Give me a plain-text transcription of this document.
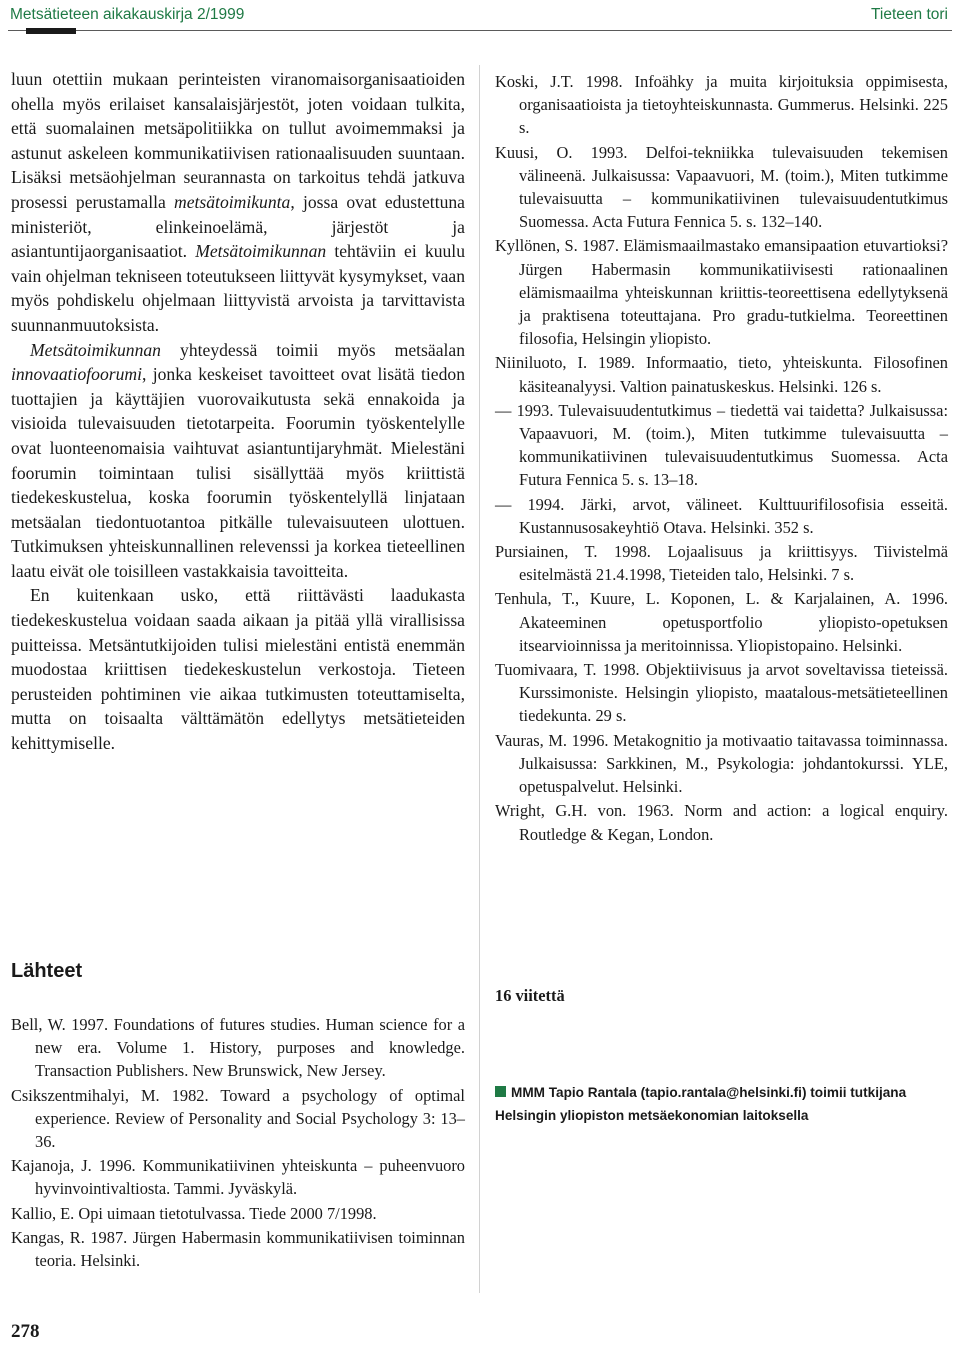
Metsätieteen aikakauskirja 2/1999	Tieteen tori

luun otettiin mukaan perinteisten viranomaisorganisaatioiden ohella myös erilaiset kansalaisjärjestöt, joten voidaan tulkita, että suomalainen metsäpolitiikka on tullut avoimemmaksi ja astunut askeleen kommunikatiivisen rationaalisuuden suuntaan. Lisäksi metsäohjelman seurannasta on tarkoitus tehdä jatkuva prosessi perustamalla metsätoimikunta, jossa ovat edustettuna ministeriöt, elinkeinoelämä, järjestöt ja asiantuntijaorganisaatiot. Metsätoimikunnan tehtäviin ei kuulu vain ohjelman tekniseen toteutukseen liittyvät kysymykset, vaan myös pohdiskelu ohjelmaan liittyvistä arvoista ja tarvittavista suunnanmuutoksista.

Metsätoimikunnan yhteydessä toimii myös metsäalan innovaatiofoorumi, jonka keskeiset tavoitteet ovat lisätä tiedon tuottajien ja käyttäjien vuorovaikutusta sekä ennakoida ja visioida tulevaisuuden tietotarpeita. Foorumin työskentelylle ovat luonteenomaisia vaihtuvat asiantuntijaryhmät. Mielestäni foorumin toimintaan tulisi sisällyttää myös kriittistä tiedekeskustelua, koska foorumin työskentelyllä linjataan metsäalan tiedontuotantoa pitkälle tulevaisuuteen ulottuen. Tutkimuksen yhteiskunnallinen relevenssi ja korkea tieteellinen laatu eivät ole toisilleen vastakkaisia tavoitteita.

En kuitenkaan usko, että riittävästi laadukasta tiedekeskustelua voidaan saada aikaan ja pitää yllä virallisissa puitteissa. Metsäntutkijoiden tulisi mielestäni entistä enemmän muodostaa kriittisen tiedekeskustelun verkostoja. Tieteen perusteiden pohtiminen vie aikaa tutkimusten toteuttamiselta, mutta on toisaalta välttämätön edellytys metsätieteiden kehittymiselle.

Lähteet

Bell, W. 1997. Foundations of futures studies. Human science for a new era. Volume 1. History, purposes and knowledge. Transaction Publishers. New Brunswick, New Jersey.

Csikszentmihalyi, M. 1982. Toward a psychology of optimal experience. Review of Personality and Social Psychology 3: 13–36.

Kajanoja, J. 1996. Kommunikatiivinen yhteiskunta – puheenvuoro hyvinvointivaltiosta. Tammi. Jyväskylä.

Kallio, E. Opi uimaan tietotulvassa. Tiede 2000 7/1998.

Kangas, R. 1987. Jürgen Habermasin kommunikatiivisen toiminnan teoria. Helsinki.

Koski, J.T. 1998. Infoähky ja muita kirjoituksia oppimisesta, organisaatioista ja tietoyhteiskunnasta. Gummerus. Helsinki. 225 s.

Kuusi, O. 1993. Delfoi-tekniikka tulevaisuuden tekemisen välineenä. Julkaisussa: Vapaavuori, M. (toim.), Miten tutkimme tulevaisuutta – kommunikatiivinen tulevaisuudentutkimus Suomessa. Acta Futura Fennica 5. s. 132–140.

Kyllönen, S. 1987. Elämismaailmastako emansipaation etuvartioksi? Jürgen Habermasin kommunikatiivisesti rationaalinen elämismaailma yhteiskunnan kriittis-teoreettisena edellytyksenä ja praktisena toteuttajana. Pro gradu-tutkielma. Teoreettinen filosofia, Helsingin yliopisto.

Niiniluoto, I. 1989. Informaatio, tieto, yhteiskunta. Filosofinen käsiteanalyysi. Valtion painatuskeskus. Helsinki. 126 s.

— 1993. Tulevaisuudentutkimus – tiedettä vai taidetta? Julkaisussa: Vapaavuori, M. (toim.), Miten tutkimme tulevaisuutta – kommunikatiivinen tulevaisuudentutkimus Suomessa. Acta Futura Fennica 5. s. 13–18.

— 1994. Järki, arvot, välineet. Kulttuurifilosofisia esseitä. Kustannusosakeyhtiö Otava. Helsinki. 352 s.

Pursiainen, T. 1998. Lojaalisuus ja kriittisyys. Tiivistelmä esitelmästä 21.4.1998, Tieteiden talo, Helsinki. 7 s.

Tenhula, T., Kuure, L. Koponen, L. & Karjalainen, A. 1996. Akateeminen opetusportfolio yliopisto-opetuksen itsearvioinnissa ja meritoinnissa. Yliopistopaino. Helsinki.

Tuomivaara, T. 1998. Objektiivisuus ja arvot soveltavissa tieteissä. Kurssimoniste. Helsingin yliopisto, maatalous-metsätieteellinen tiedekunta. 29 s.

Vauras, M. 1996. Metakognitio ja motivaatio taitavassa toiminnassa. Julkaisussa: Sarkkinen, M., Psykologia: johdantokurssi. YLE, opetuspalvelut. Helsinki.

Wright, G.H. von. 1963. Norm and action: a logical enquiry. Routledge & Kegan, London.

16 viitettä
MMM Tapio Rantala (tapio.rantala@helsinki.fi) toimii tutkijana Helsingin yliopiston metsäekonomian laitoksella
278
